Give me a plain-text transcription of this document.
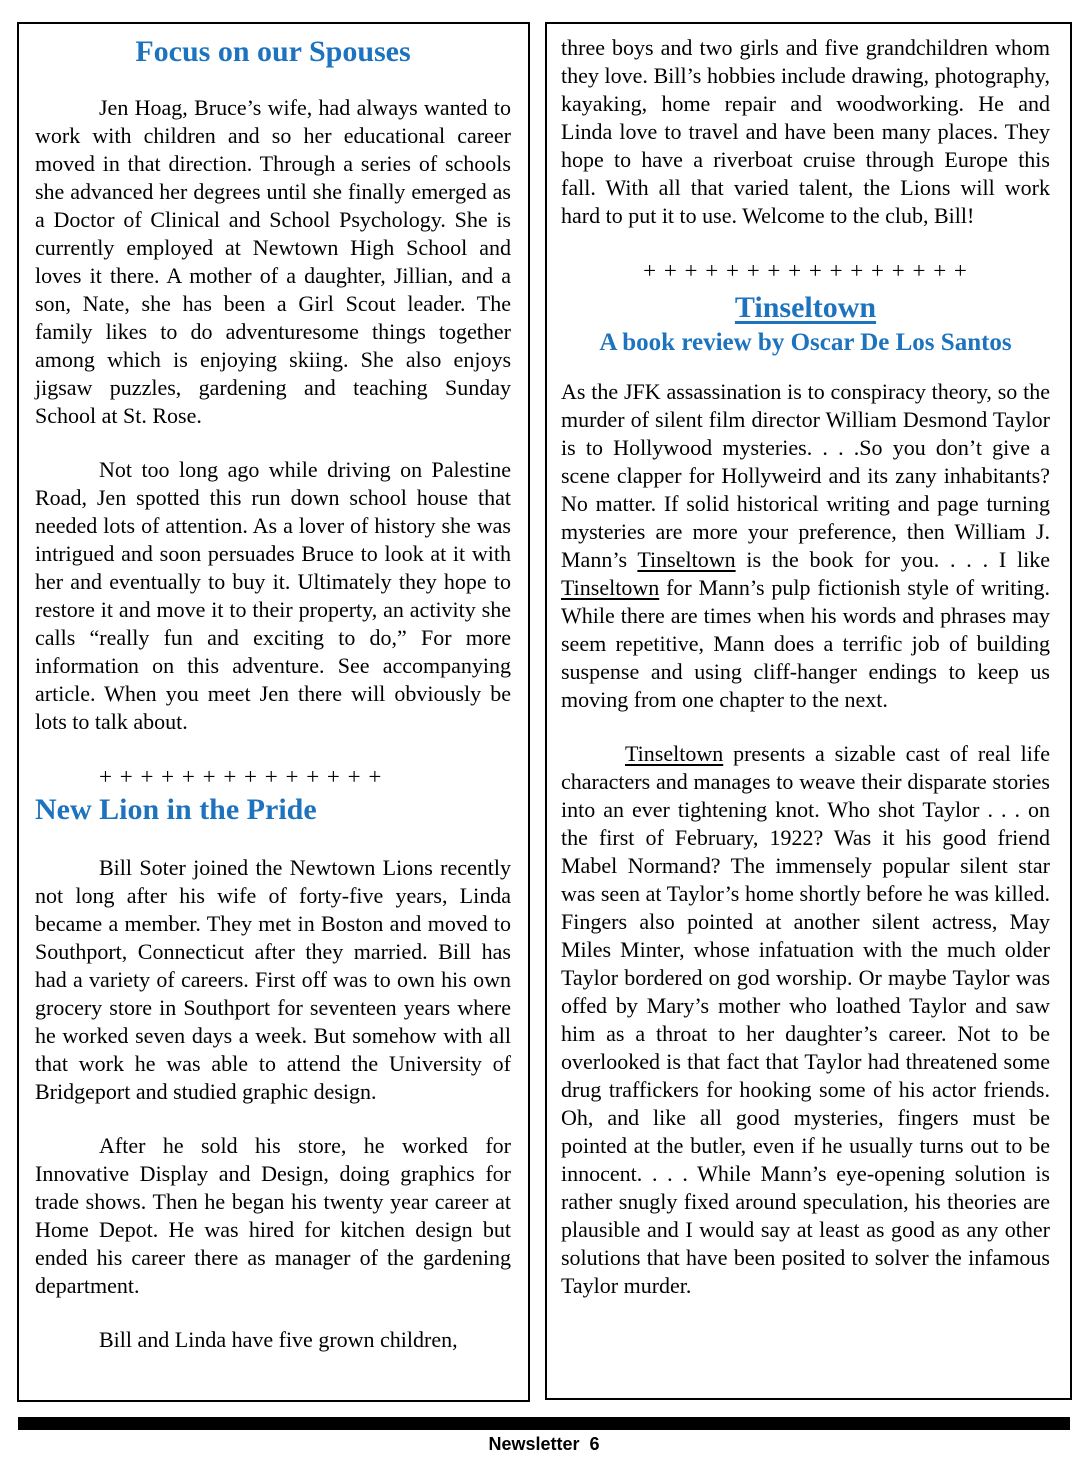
Focus on our Spouses

Jen Hoag, Bruce’s wife, had always wanted to work with children and so her educational career moved in that direction. Through a series of schools she advanced her degrees until she finally emerged as a Doctor of Clinical and School Psychology. She is currently employed at Newtown High School and loves it there. A mother of a daughter, Jillian, and a son, Nate, she has been a Girl Scout leader. The family likes to do adventuresome things together among which is enjoying skiing. She also enjoys jigsaw puzzles, gardening and teaching Sunday School at St. Rose.

Not too long ago while driving on Palestine Road, Jen spotted this run down school house that needed lots of attention. As a lover of history she was intrigued and soon persuades Bruce to look at it with her and eventually to buy it. Ultimately they hope to restore it and move it to their property, an activity she calls “really fun and exciting to do,” For more information on this adventure. See accompanying article. When you meet Jen there will obviously be lots to talk about.

+ + + + + + + + + + + + + +
New Lion in the Pride

Bill Soter joined the Newtown Lions recently not long after his wife of forty-five years, Linda became a member. They met in Boston and moved to Southport, Connecticut after they married. Bill has had a variety of careers. First off was to own his own grocery store in Southport for seventeen years where he worked seven days a week. But somehow with all that work he was able to attend the University of Bridgeport and studied graphic design.

After he sold his store, he worked for Innovative Display and Design, doing graphics for trade shows. Then he began his twenty year career at Home Depot. He was hired for kitchen design but ended his career there as manager of the gardening department.

Bill and Linda have five grown children,

three boys and two girls and five grandchildren whom they love. Bill’s hobbies include drawing, photography, kayaking, home repair and woodworking. He and Linda love to travel and have been many places. They hope to have a riverboat cruise through Europe this fall. With all that varied talent, the Lions will work hard to put it to use. Welcome to the club, Bill!

+ + + + + + + + + + + + + + + +
Tinseltown
A book review by Oscar De Los Santos

As the JFK assassination is to conspiracy theory, so the murder of silent film director William Desmond Taylor is to Hollywood mysteries. . . .So you don’t give a scene clapper for Hollyweird and its zany inhabitants? No matter. If solid historical writing and page turning mysteries are more your preference, then William J. Mann’s Tinseltown is the book for you. . . . I like Tinseltown for Mann’s pulp fictionish style of writing. While there are times when his words and phrases may seem repetitive, Mann does a terrific job of building suspense and using cliff-hanger endings to keep us moving from one chapter to the next.

Tinseltown presents a sizable cast of real life characters and manages to weave their disparate stories into an ever tightening knot. Who shot Taylor . . . on the first of February, 1922? Was it his good friend Mabel Normand? The immensely popular silent star was seen at Taylor’s home shortly before he was killed. Fingers also pointed at another silent actress, May Miles Minter, whose infatuation with the much older Taylor bordered on god worship. Or maybe Taylor was offed by Mary’s mother who loathed Taylor and saw him as a throat to her daughter’s career. Not to be overlooked is that fact that Taylor had threatened some drug traffickers for hooking some of his actor friends. Oh, and like all good mysteries, fingers must be pointed at the butler, even if he usually turns out to be innocent. . . . While Mann’s eye-opening solution is rather snugly fixed around speculation, his theories are plausible and I would say at least as good as any other solutions that have been posited to solver the infamous Taylor murder.

Newsletter 6
